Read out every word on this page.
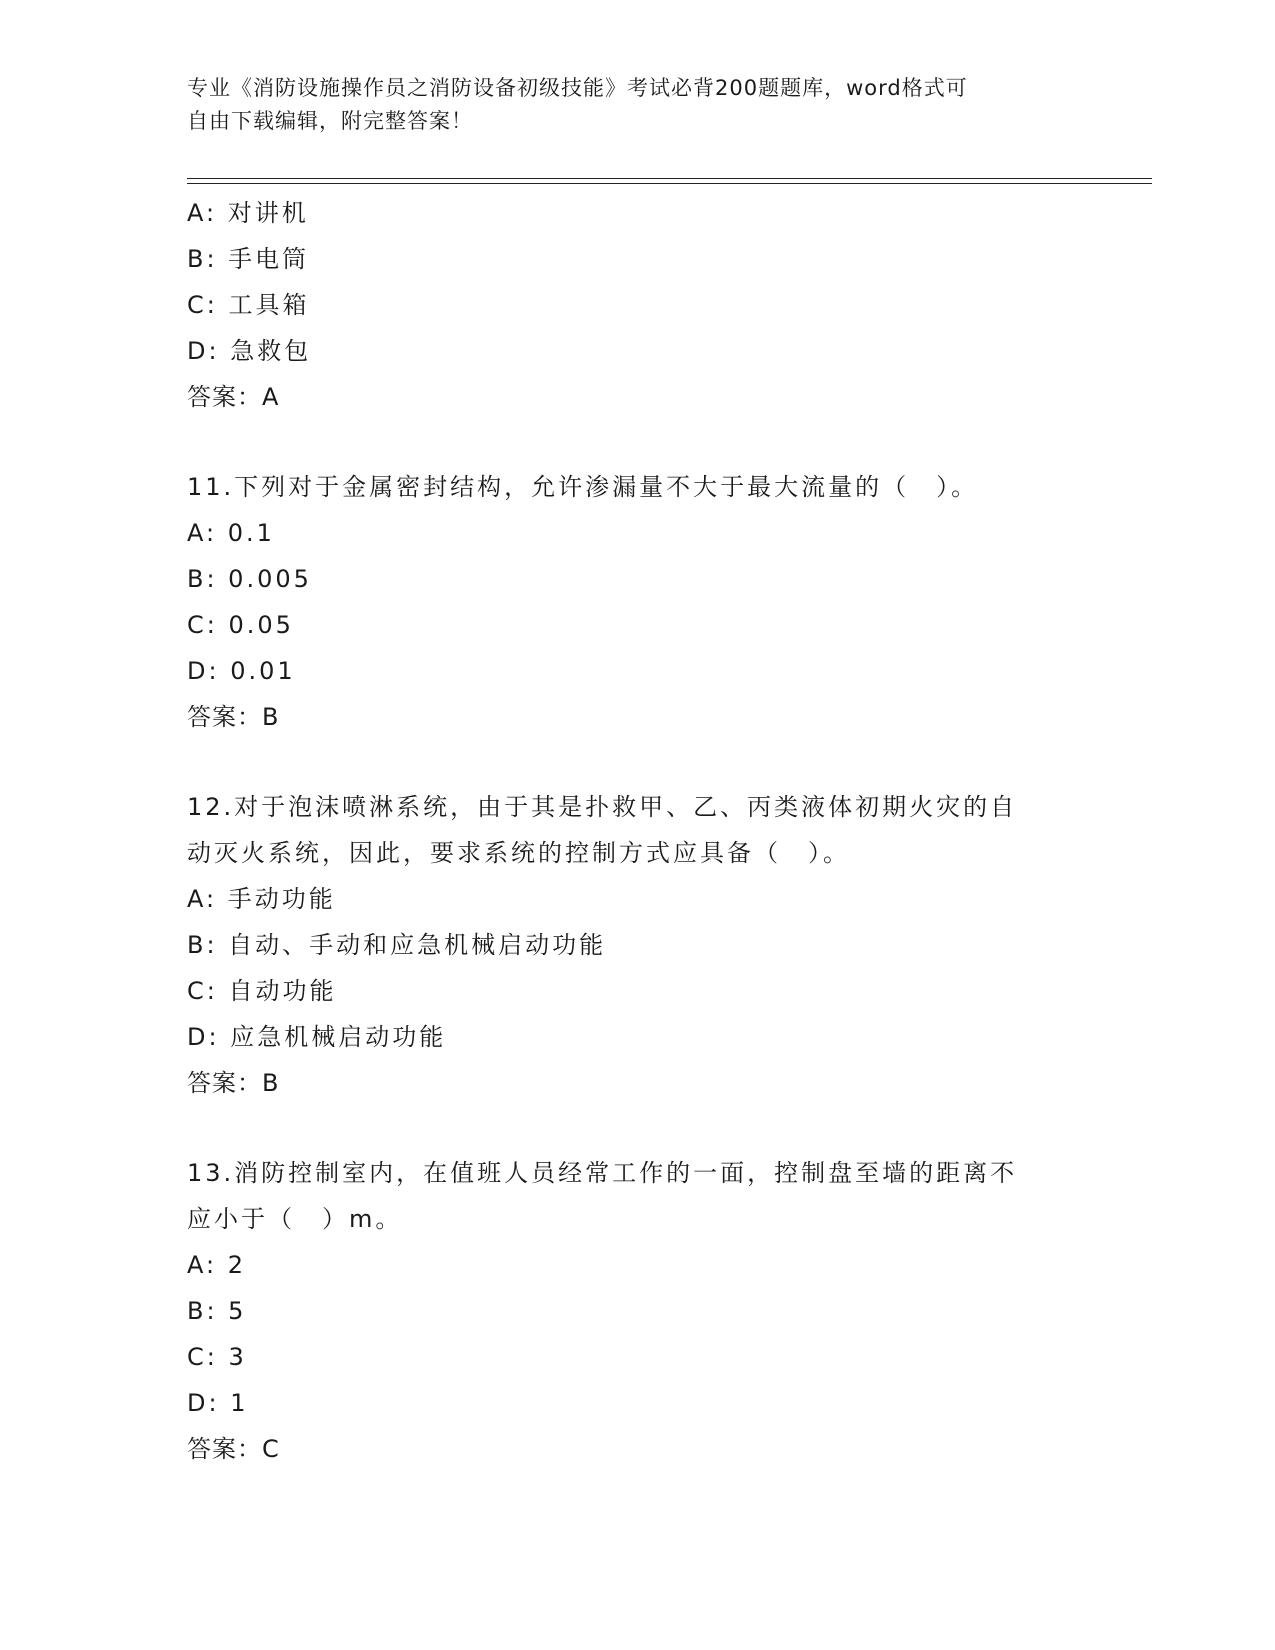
专业《消防设施操作员之消防设备初级技能》考试必背200题题库，word格式可
自由下载编辑，附完整答案！
A: 对讲机
B: 手电筒
C: 工具箱
D: 急救包
答案：A
11.下列对于金属密封结构，允许渗漏量不大于最大流量的（　）。
A: 0.1
B: 0.005
C: 0.05
D: 0.01
答案：B
12.对于泡沫喷淋系统，由于其是扑救甲、乙、丙类液体初期火灾的自
动灭火系统，因此，要求系统的控制方式应具备（　）。
A: 手动功能
B: 自动、手动和应急机械启动功能
C: 自动功能
D: 应急机械启动功能
答案：B
13.消防控制室内，在值班人员经常工作的一面，控制盘至墙的距离不
应小于（　）m。
A: 2
B: 5
C: 3
D: 1
答案：C
